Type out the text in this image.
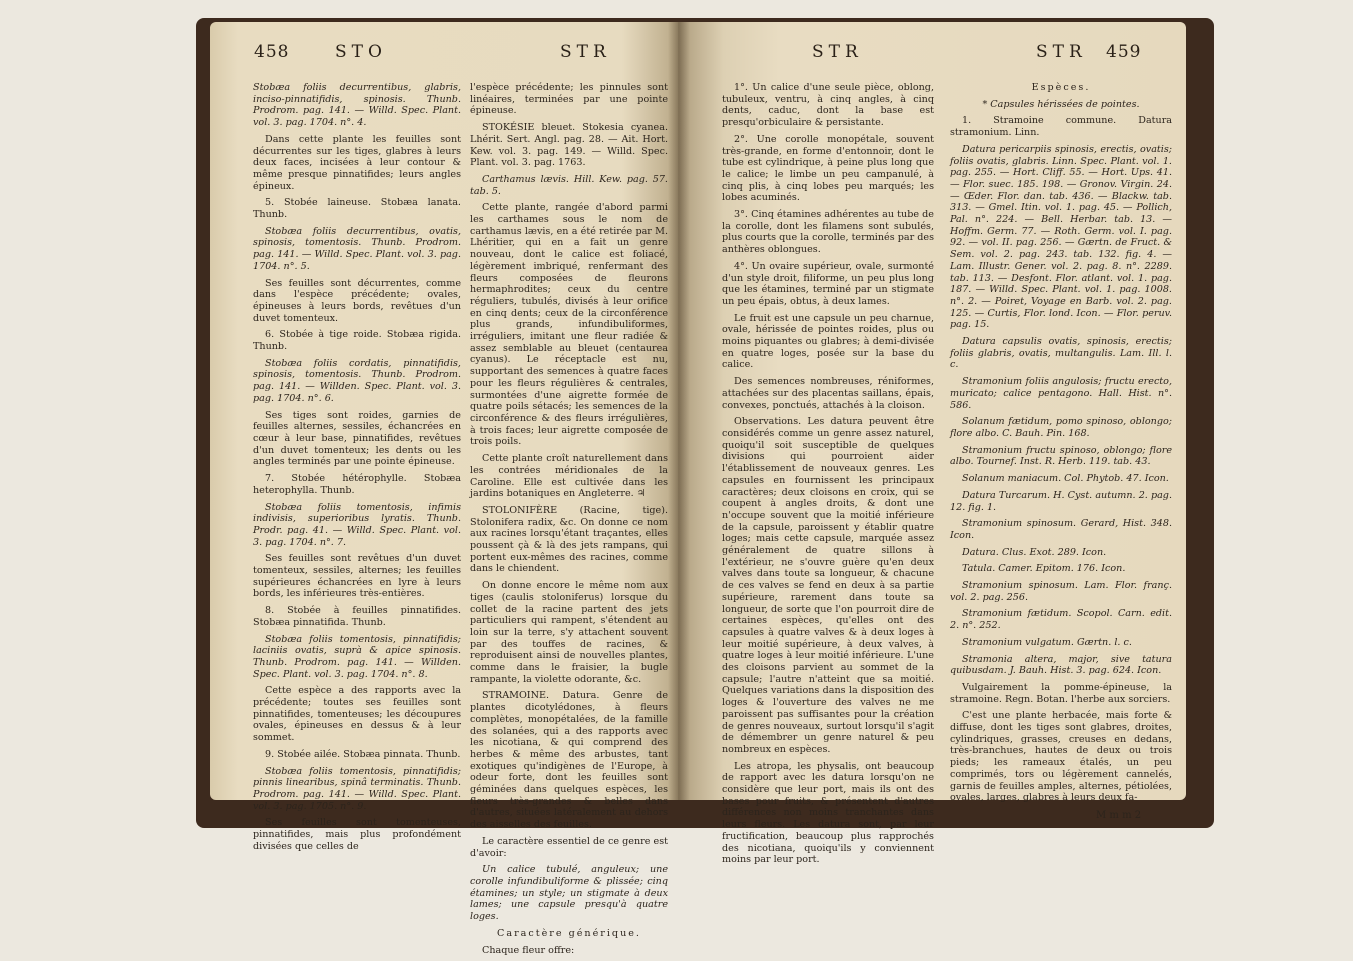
458	STO	STR	STR	STR 459

Stobæa foliis decurrentibus, glabris, inciso-pinnatifidis, spinosis. Thunb. Prodrom. pag. 141. — Willd. Spec. Plant. vol. 3. pag. 1704. n°. 4.

Dans cette plante les feuilles sont décurrentes sur les tiges, glabres à leurs deux faces, incisées à leur contour & même presque pinnatifides; leurs angles épineux.

5. Stobée laineuse. Stobæa lanata. Thunb.

Stobæa foliis decurrentibus, ovatis, spinosis, tomentosis. Thunb. Prodrom. pag. 141. — Willd. Spec. Plant. vol. 3. pag. 1704. n°. 5.

Ses feuilles sont décurrentes, comme dans l'espèce précédente; ovales, épineuses à leurs bords, revêtues d'un duvet tomenteux.

6. Stobée à tige roide. Stobæa rigida. Thunb.

Stobæa foliis cordatis, pinnatifidis, spinosis, tomentosis. Thunb. Prodrom. pag. 141. — Willden. Spec. Plant. vol. 3. pag. 1704. n°. 6.

Ses tiges sont roides, garnies de feuilles alternes, sessiles, échancrées en cœur à leur base, pinnatifides, revêtues d'un duvet tomenteux; les dents ou les angles terminés par une pointe épineuse.

7. Stobée hétérophylle. Stobæa heterophylla. Thunb.

Stobæa foliis tomentosis, infimis indivisis, superioribus lyratis. Thunb. Prodr. pag. 41. — Willd. Spec. Plant. vol. 3. pag. 1704. n°. 7.

Ses feuilles sont revêtues d'un duvet tomenteux, sessiles, alternes; les feuilles supérieures échancrées en lyre à leurs bords, les inférieures très-entières.

8. Stobée à feuilles pinnatifides. Stobæa pinnatifida. Thunb.

Stobæa foliis tomentosis, pinnatifidis; laciniis ovatis, suprà & apice spinosis. Thunb. Prodrom. pag. 141. — Willden. Spec. Plant. vol. 3. pag. 1704. n°. 8.

Cette espèce a des rapports avec la précédente; toutes ses feuilles sont pinnatifides, tomenteuses; les découpures ovales, épineuses en dessus & à leur sommet.

9. Stobée ailée. Stobæa pinnata. Thunb.

Stobæa foliis tomentosis, pinnatifidis; pinnis linearibus, spinâ terminatis. Thunb. Prodrom. pag. 141. — Willd. Spec. Plant. vol. 3. pag. 1705. n°. 9.

Ses feuilles sont tomenteuses, pinnatifides, mais plus profondément divisées que celles de

l'espèce précédente; les pinnules sont linéaires, terminées par une pointe épineuse.

STOKÉSIE bleuet. Stokesia cyanea. Lhérit. Sert. Angl. pag. 28. — Ait. Hort. Kew. vol. 3. pag. 149. — Willd. Spec. Plant. vol. 3. pag. 1763.

Carthamus lævis. Hill. Kew. pag. 57. tab. 5.

Cette plante, rangée d'abord parmi les carthames sous le nom de carthamus lævis, en a été retirée par M. Lhéritier, qui en a fait un genre nouveau, dont le calice est foliacé, légèrement imbriqué, renfermant des fleurs composées de fleurons hermaphrodites; ceux du centre réguliers, tubulés, divisés à leur orifice en cinq dents; ceux de la circonférence plus grands, infundibuliformes, irréguliers, imitant une fleur radiée & assez semblable au bleuet (centaurea cyanus). Le réceptacle est nu, supportant des semences à quatre faces pour les fleurs régulières & centrales, surmontées d'une aigrette formée de quatre poils sétacés; les semences de la circonférence & des fleurs irrégulières, à trois faces; leur aigrette composée de trois poils.

Cette plante croît naturellement dans les contrées méridionales de la Caroline. Elle est cultivée dans les jardins botaniques en Angleterre. ♃

STOLONIFÈRE (Racine, tige). Stolonifera radix, &c. On donne ce nom aux racines lorsqu'étant traçantes, elles poussent çà & là des jets rampans, qui portent eux-mêmes des racines, comme dans le chiendent.

On donne encore le même nom aux tiges (caulis stoloniferus) lorsque du collet de la racine partent des jets particuliers qui rampent, s'étendent au loin sur la terre, s'y attachent souvent par des touffes de racines, & reproduisent ainsi de nouvelles plantes, comme dans le fraisier, la bugle rampante, la violette odorante, &c.

STRAMOINE. Datura. Genre de plantes dicotylédones, à fleurs complètes, monopétalées, de la famille des solanées, qui a des rapports avec les nicotiana, & qui comprend des herbes & même des arbustes, tant exotiques qu'indigènes de l'Europe, à odeur forte, dont les feuilles sont géminées dans quelques espèces, les fleurs très-grandes & belles dans d'autres, situées latéralement au dehors des aisselles des feuilles.

Le caractère essentiel de ce genre est d'avoir:

Un calice tubulé, anguleux; une corolle infundibuliforme & plissée; cinq étamines; un style; un stigmate à deux lames; une capsule presqu'à quatre loges.

Caractère générique.

Chaque fleur offre:

1°. Un calice d'une seule pièce, oblong, tubuleux, ventru, à cinq angles, à cinq dents, caduc, dont la base est presqu'orbiculaire & persistante.

2°. Une corolle monopétale, souvent très-grande, en forme d'entonnoir, dont le tube est cylindrique, à peine plus long que le calice; le limbe un peu campanulé, à cinq plis, à cinq lobes peu marqués; les lobes acuminés.

3°. Cinq étamines adhérentes au tube de la corolle, dont les filamens sont subulés, plus courts que la corolle, terminés par des anthères oblongues.

4°. Un ovaire supérieur, ovale, surmonté d'un style droit, filiforme, un peu plus long que les étamines, terminé par un stigmate un peu épais, obtus, à deux lames.

Le fruit est une capsule un peu charnue, ovale, hérissée de pointes roides, plus ou moins piquantes ou glabres; à demi-divisée en quatre loges, posée sur la base du calice.

Des semences nombreuses, réniformes, attachées sur des placentas saillans, épais, convexes, ponctués, attachés à la cloison.

Observations. Les datura peuvent être considérés comme un genre assez naturel, quoiqu'il soit susceptible de quelques divisions qui pourroient aider l'établissement de nouveaux genres. Les capsules en fournissent les principaux caractères; deux cloisons en croix, qui se coupent à angles droits, & dont une n'occupe souvent que la moitié inférieure de la capsule, paroissent y établir quatre loges; mais cette capsule, marquée assez généralement de quatre sillons à l'extérieur, ne s'ouvre guère qu'en deux valves dans toute sa longueur, & chacune de ces valves se fend en deux à sa partie supérieure, rarement dans toute sa longueur, de sorte que l'on pourroit dire de certaines espèces, qu'elles ont des capsules à quatre valves & à deux loges à leur moitié supérieure, à deux valves, à quatre loges à leur moitié inférieure. L'une des cloisons parvient au sommet de la capsule; l'autre n'atteint que sa moitié. Quelques variations dans la disposition des loges & l'ouverture des valves ne me paroissent pas suffisantes pour la création de genres nouveaux, surtout lorsqu'il s'agit de démembrer un genre naturel & peu nombreux en espèces.

Les atropa, les physalis, ont beaucoup de rapport avec les datura lorsqu'on ne considère que leur port, mais ils ont des bases pour fruits, & présentent d'autres différences non moins tranchantes dans leurs fleurs. Les datura sont, par leur fructification, beaucoup plus rapprochés des nicotiana, quoiqu'ils y conviennent moins par leur port.

Espèces.

* Capsules hérissées de pointes.

1. Stramoine commune. Datura stramonium. Linn.

Datura pericarpiis spinosis, erectis, ovatis; foliis ovatis, glabris. Linn. Spec. Plant. vol. 1. pag. 255. — Hort. Cliff. 55. — Hort. Ups. 41. — Flor. suec. 185. 198. — Gronov. Virgin. 24. — Œder. Flor. dan. tab. 436. — Blackw. tab. 313. — Gmel. Itin. vol. 1. pag. 45. — Pollich, Pal. n°. 224. — Bell. Herbar. tab. 13. — Hoffm. Germ. 77. — Roth. Germ. vol. I. pag. 92. — vol. II. pag. 256. — Gærtn. de Fruct. & Sem. vol. 2. pag. 243. tab. 132. fig. 4. — Lam. Illustr. Gener. vol. 2. pag. 8. n°. 2289. tab. 113. — Desfont. Flor. atlant. vol. 1. pag. 187. — Willd. Spec. Plant. vol. 1. pag. 1008. n°. 2. — Poiret, Voyage en Barb. vol. 2. pag. 125. — Curtis, Flor. lond. Icon. — Flor. peruv. pag. 15.

Datura capsulis ovatis, spinosis, erectis; foliis glabris, ovatis, multangulis. Lam. Ill. l. c.

Stramonium foliis angulosis; fructu erecto, muricato; calice pentagono. Hall. Hist. n°. 586.

Solanum fætidum, pomo spinoso, oblongo; flore albo. C. Bauh. Pin. 168.

Stramonium fructu spinoso, oblongo; flore albo. Tournef. Inst. R. Herb. 119. tab. 43.

Solanum maniacum. Col. Phytob. 47. Icon.

Datura Turcarum. H. Cyst. autumn. 2. pag. 12. fig. 1.

Stramonium spinosum. Gerard, Hist. 348. Icon.

Datura. Clus. Exot. 289. Icon.

Tatula. Camer. Epitom. 176. Icon.

Stramonium spinosum. Lam. Flor. franç. vol. 2. pag. 256.

Stramonium fætidum. Scopol. Carn. edit. 2. n°. 252.

Stramonium vulgatum. Gærtn. l. c.

Stramonia altera, major, sive tatura quibusdam. J. Bauh. Hist. 3. pag. 624. Icon.

Vulgairement la pomme-épineuse, la stramoine. Regn. Botan. l'herbe aux sorciers.

C'est une plante herbacée, mais forte & diffuse, dont les tiges sont glabres, droites, cylindriques, grasses, creuses en dedans, très-branchues, hautes de deux ou trois pieds; les rameaux étalés, un peu comprimés, tors ou légèrement cannelés, garnis de feuilles amples, alternes, pétiolées, ovales, larges, glabres à leurs deux fa-

M m m 2
